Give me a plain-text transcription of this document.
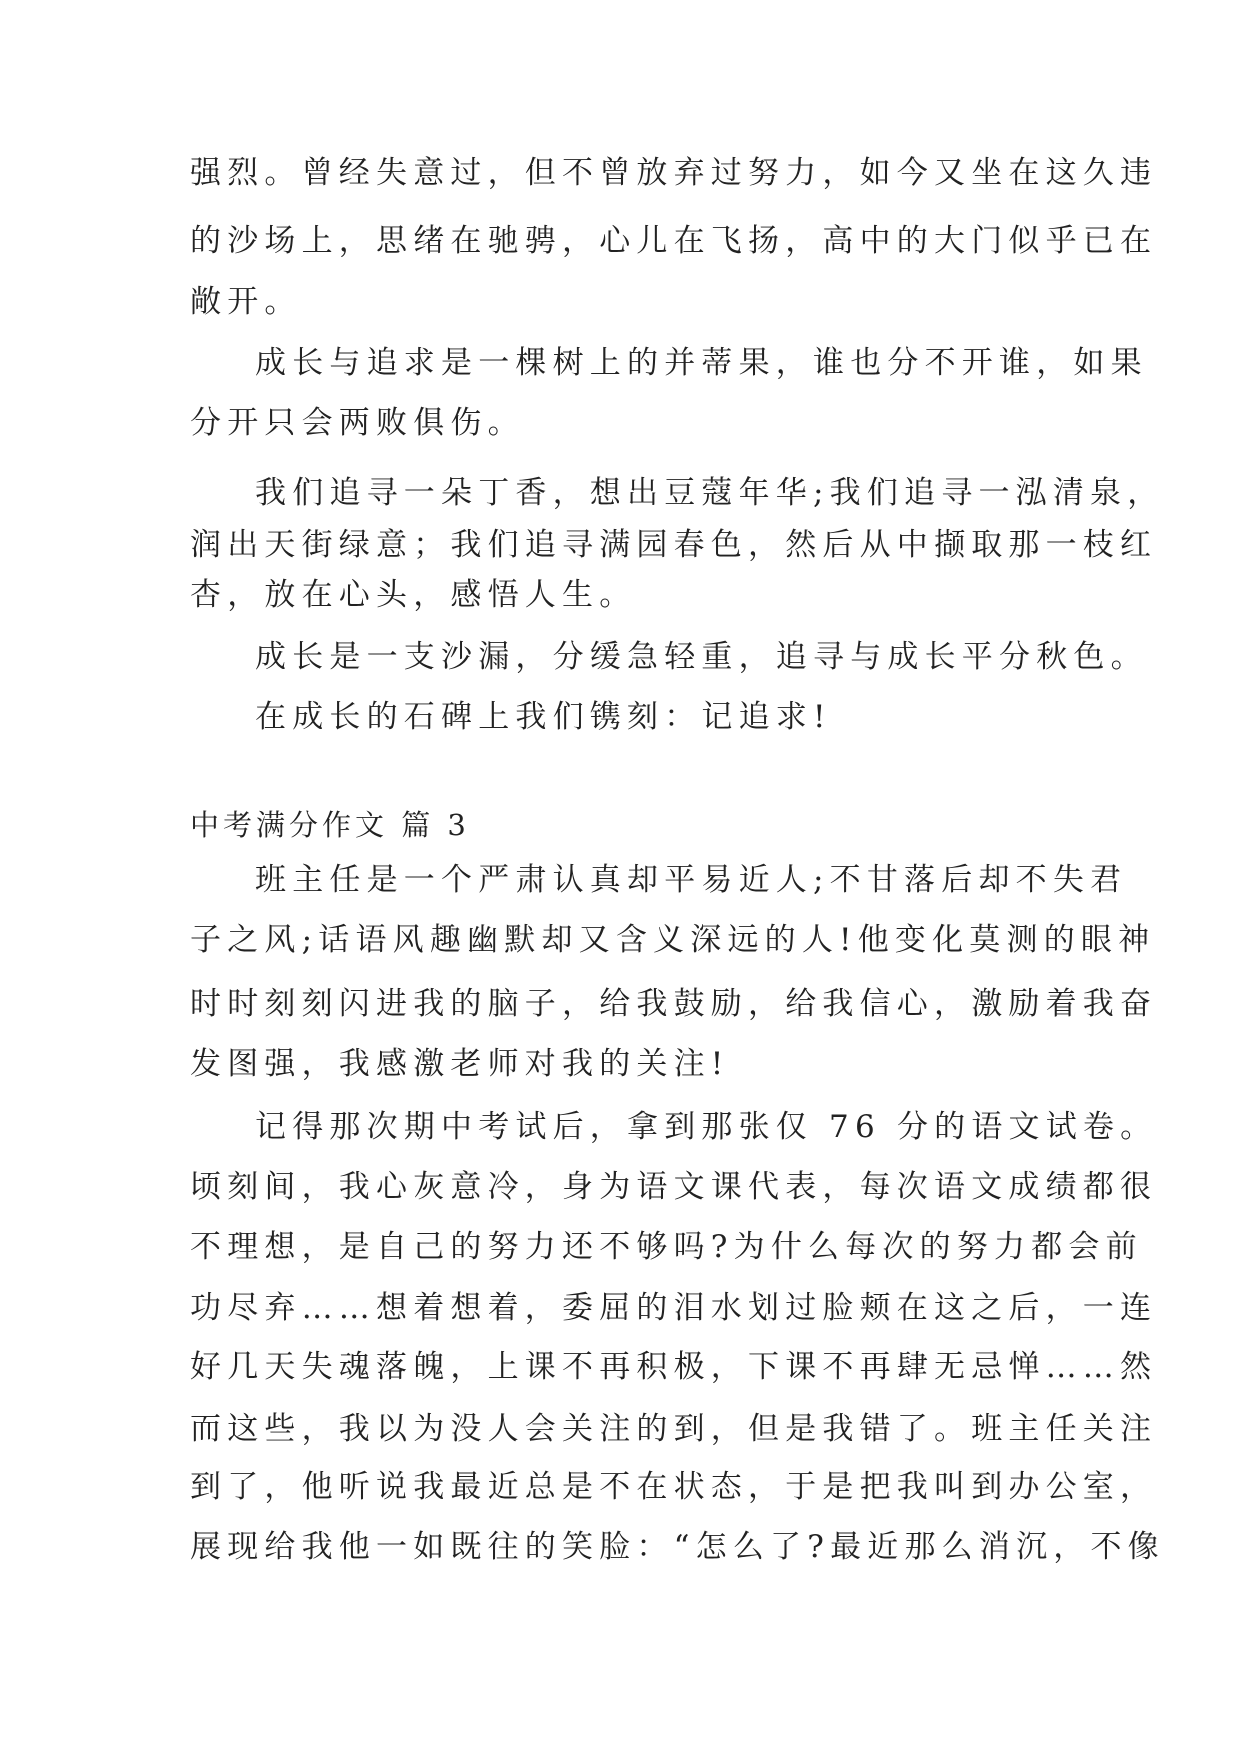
强烈。曾经失意过，但不曾放弃过努力，如今又坐在这久违
的沙场上，思绪在驰骋，心儿在飞扬，高中的大门似乎已在
敞开。
成长与追求是一棵树上的并蒂果，谁也分不开谁，如果
分开只会两败俱伤。
我们追寻一朵丁香，想出豆蔻年华;我们追寻一泓清泉，
润出天街绿意；我们追寻满园春色，然后从中撷取那一枝红
杏，放在心头，感悟人生。
成长是一支沙漏，分缓急轻重，追寻与成长平分秋色。
在成长的石碑上我们镌刻：记追求!
中考满分作文 篇 3
班主任是一个严肃认真却平易近人;不甘落后却不失君
子之风;话语风趣幽默却又含义深远的人!他变化莫测的眼神
时时刻刻闪进我的脑子，给我鼓励，给我信心，激励着我奋
发图强，我感激老师对我的关注!
记得那次期中考试后，拿到那张仅 76 分的语文试卷。
顷刻间，我心灰意冷，身为语文课代表，每次语文成绩都很
不理想，是自己的努力还不够吗?为什么每次的努力都会前
功尽弃……想着想着，委屈的泪水划过脸颊在这之后，一连
好几天失魂落魄，上课不再积极，下课不再肆无忌惮……然
而这些，我以为没人会关注的到，但是我错了。班主任关注
到了，他听说我最近总是不在状态，于是把我叫到办公室，
展现给我他一如既往的笑脸：“怎么了?最近那么消沉，不像
